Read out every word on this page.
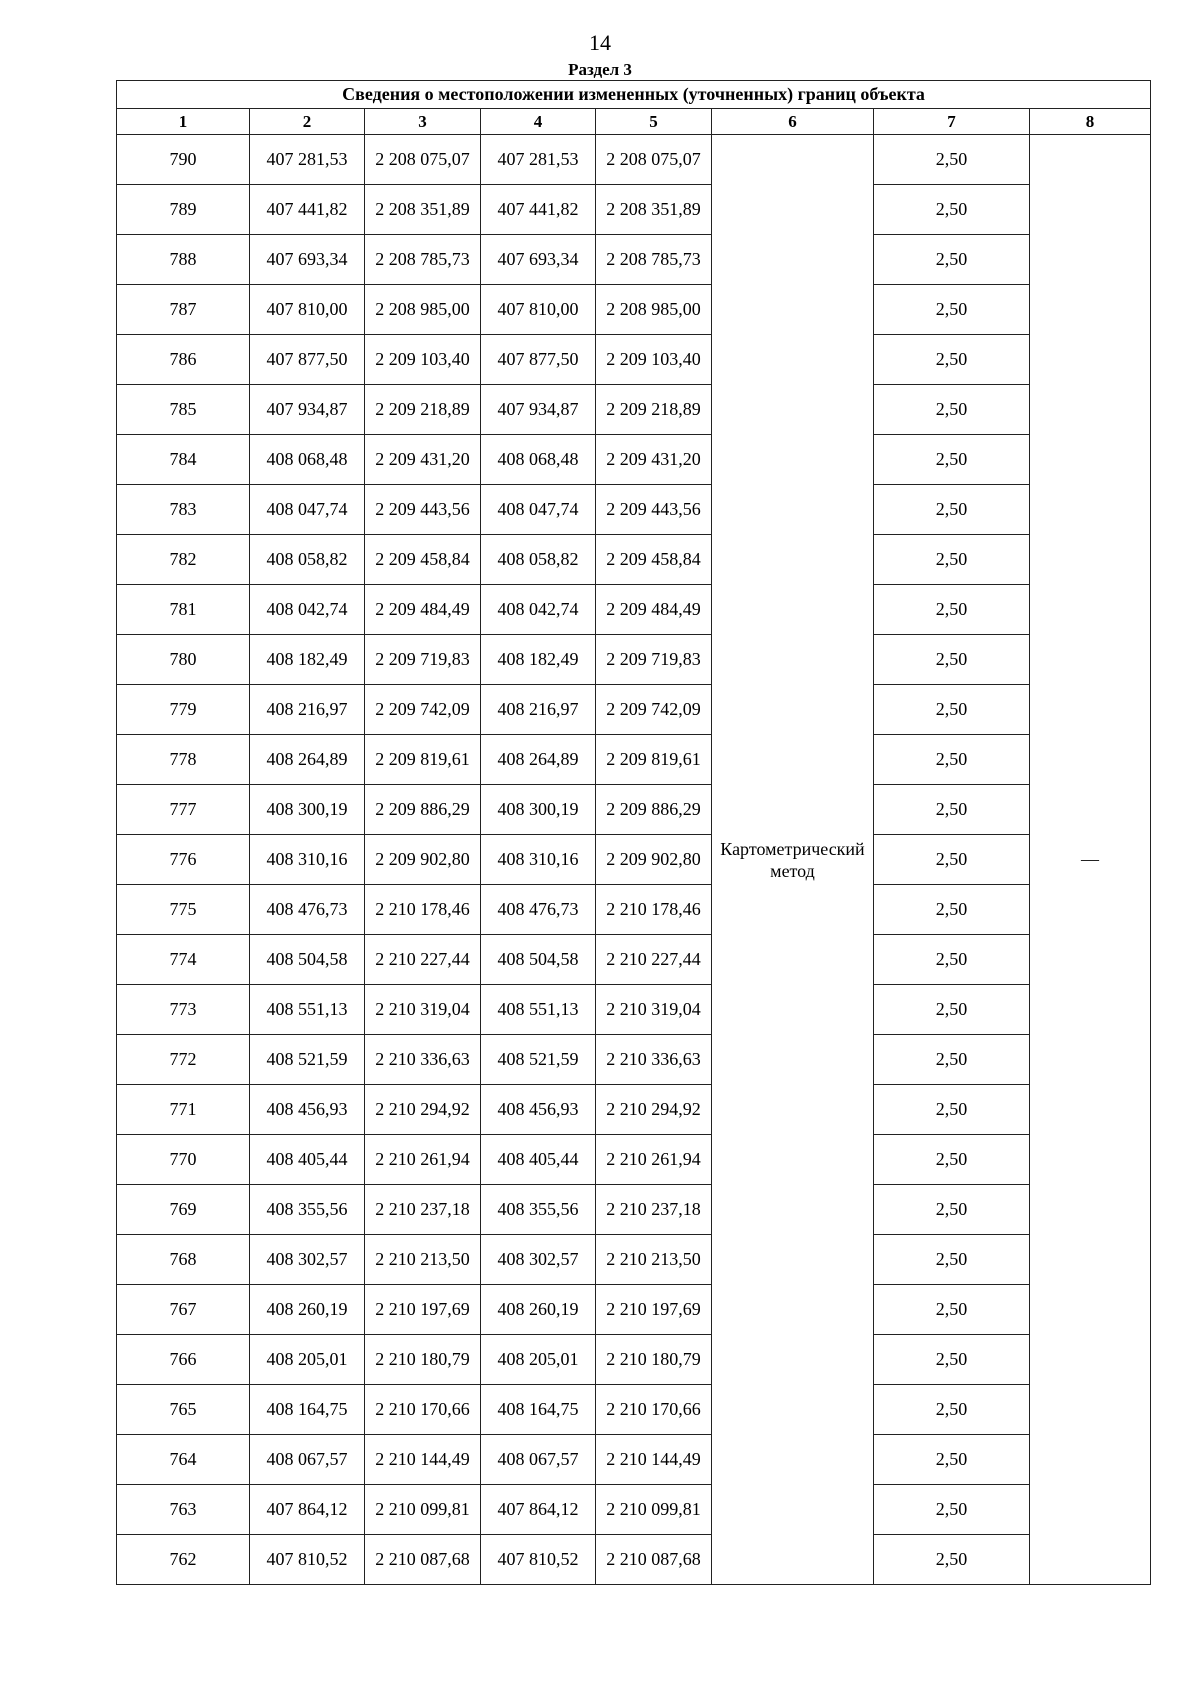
14
Раздел 3
Сведения о местоположении измененных (уточненных) границ объекта							
1	2	3	4	5	6	7	8
790	407 281,53	2 208 075,07	407 281,53	2 208 075,07	Картометрический метод	2,50	—
789	407 441,82	2 208 351,89	407 441,82	2 208 351,89		2,50	
788	407 693,34	2 208 785,73	407 693,34	2 208 785,73		2,50	
787	407 810,00	2 208 985,00	407 810,00	2 208 985,00		2,50	
786	407 877,50	2 209 103,40	407 877,50	2 209 103,40		2,50	
785	407 934,87	2 209 218,89	407 934,87	2 209 218,89		2,50	
784	408 068,48	2 209 431,20	408 068,48	2 209 431,20		2,50	
783	408 047,74	2 209 443,56	408 047,74	2 209 443,56		2,50	
782	408 058,82	2 209 458,84	408 058,82	2 209 458,84		2,50	
781	408 042,74	2 209 484,49	408 042,74	2 209 484,49		2,50	
780	408 182,49	2 209 719,83	408 182,49	2 209 719,83		2,50	
779	408 216,97	2 209 742,09	408 216,97	2 209 742,09		2,50	
778	408 264,89	2 209 819,61	408 264,89	2 209 819,61		2,50	
777	408 300,19	2 209 886,29	408 300,19	2 209 886,29		2,50	
776	408 310,16	2 209 902,80	408 310,16	2 209 902,80		2,50	
775	408 476,73	2 210 178,46	408 476,73	2 210 178,46		2,50	
774	408 504,58	2 210 227,44	408 504,58	2 210 227,44		2,50	
773	408 551,13	2 210 319,04	408 551,13	2 210 319,04		2,50	
772	408 521,59	2 210 336,63	408 521,59	2 210 336,63		2,50	
771	408 456,93	2 210 294,92	408 456,93	2 210 294,92		2,50	
770	408 405,44	2 210 261,94	408 405,44	2 210 261,94		2,50	
769	408 355,56	2 210 237,18	408 355,56	2 210 237,18		2,50	
768	408 302,57	2 210 213,50	408 302,57	2 210 213,50		2,50	
767	408 260,19	2 210 197,69	408 260,19	2 210 197,69		2,50	
766	408 205,01	2 210 180,79	408 205,01	2 210 180,79		2,50	
765	408 164,75	2 210 170,66	408 164,75	2 210 170,66		2,50	
764	408 067,57	2 210 144,49	408 067,57	2 210 144,49		2,50	
763	407 864,12	2 210 099,81	407 864,12	2 210 099,81		2,50	
762	407 810,52	2 210 087,68	407 810,52	2 210 087,68		2,50	
